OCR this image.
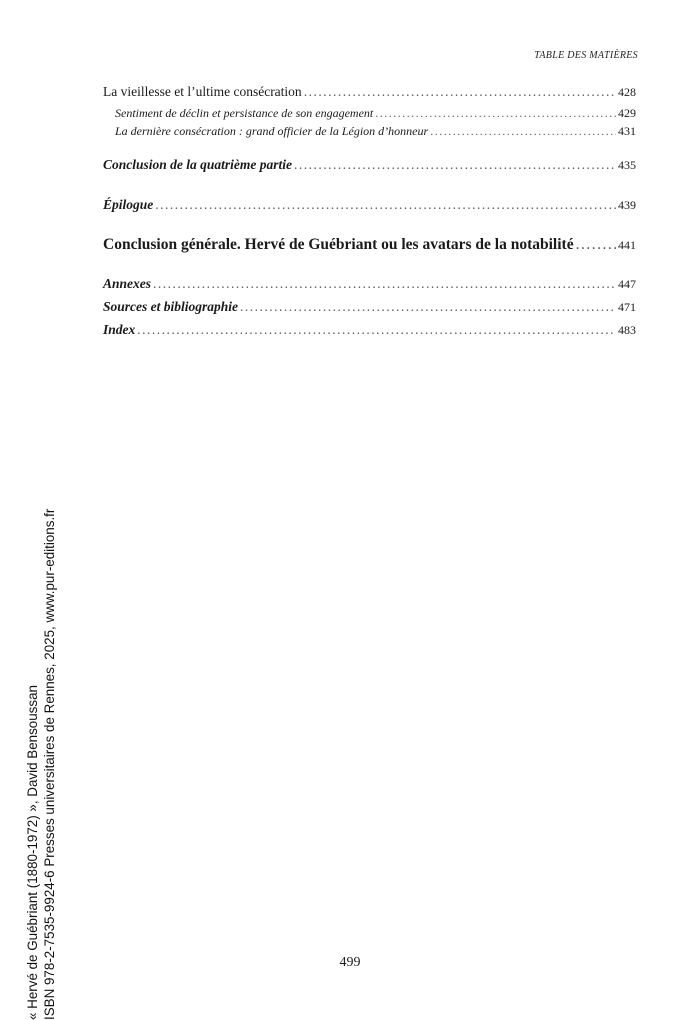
TABLE DES MATIÈRES
La vieillesse et l’ultime consécration .....	428
Sentiment de déclin et persistance de son engagement .....	429
La dernière consécration : grand officier de la Légion d’honneur .....	431
Conclusion de la quatrième partie .....	435
Épilogue .....	439
Conclusion générale. Hervé de Guébriant ou les avatars de la notabilité .....	441
Annexes .....	447
Sources et bibliographie .....	471
Index .....	483
« Hervé de Guébriant (1880-1972) », David Bensoussan ISBN 978-2-7535-9924-6 Presses universitaires de Rennes, 2025, www.pur-editions.fr	499
